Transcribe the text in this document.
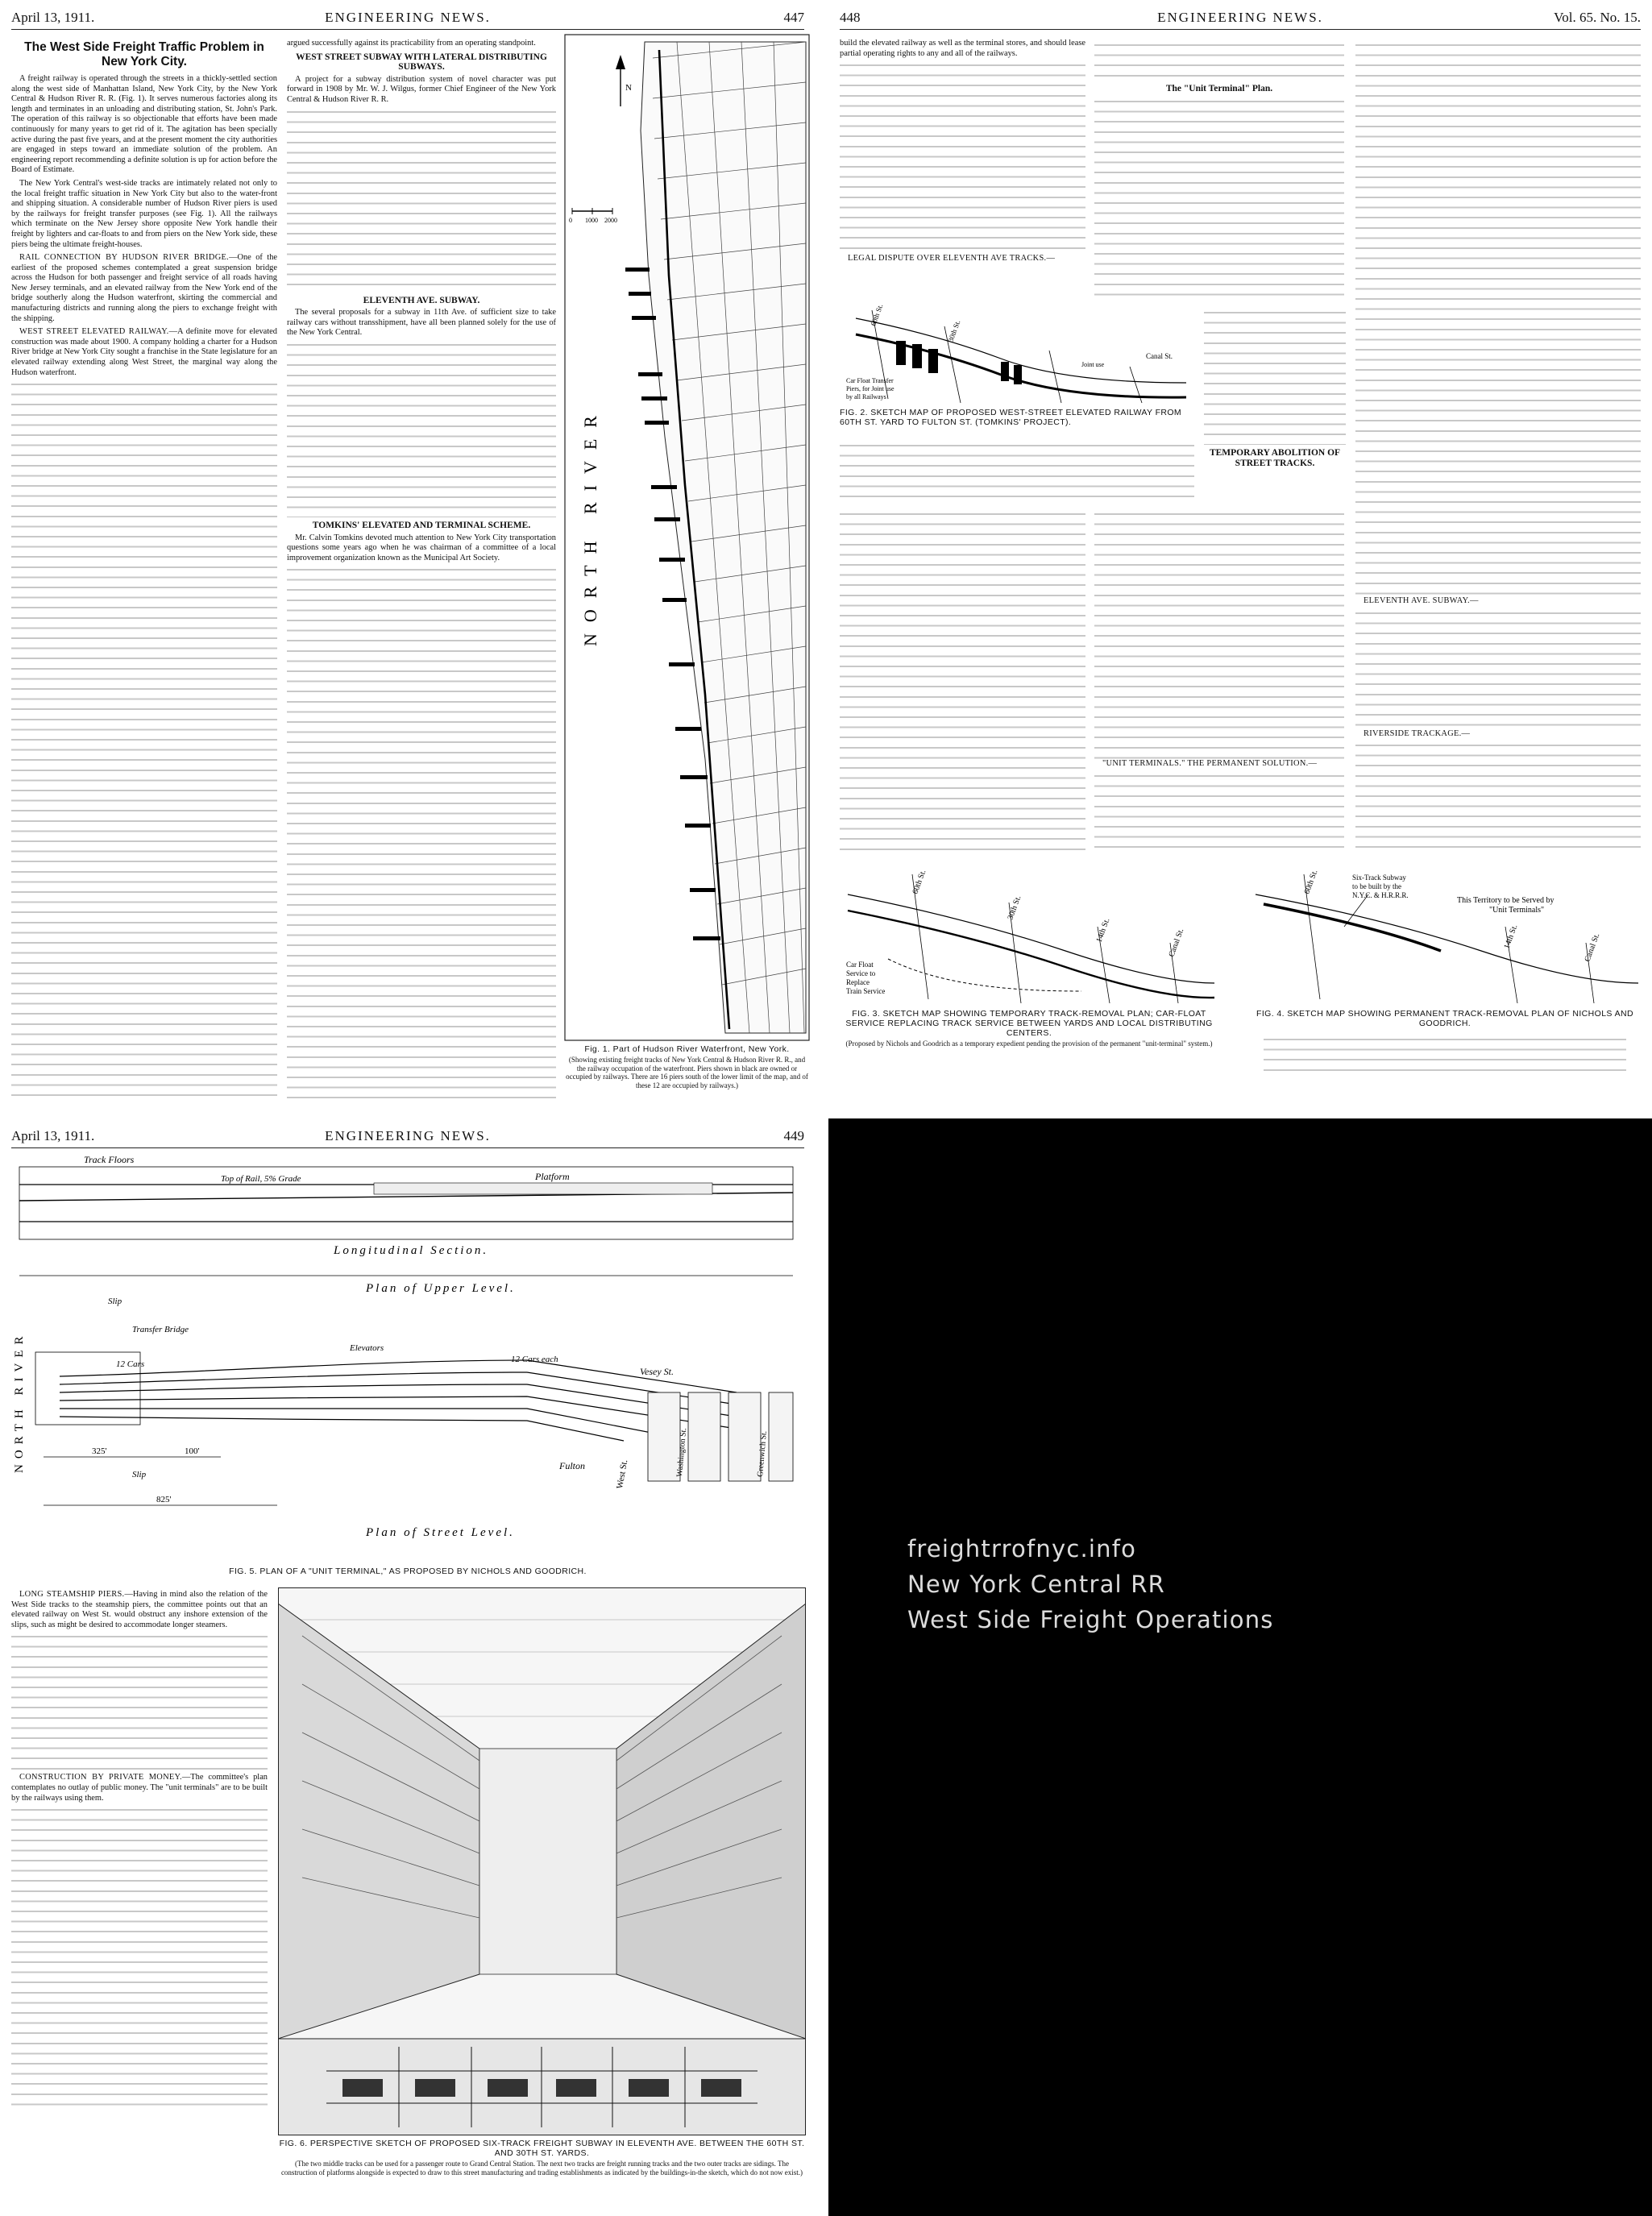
April 13, 1911.	ENGINEERING NEWS.	447
The West Side Freight Traffic Problem in New York City.

A freight railway is operated through the streets in a thickly-settled section along the west side of Manhattan Island, New York City, by the New York Central & Hudson River R. R. (Fig. 1). It serves numerous factories along its length and terminates in an unloading and distributing station, St. John's Park. The operation of this railway is so objectionable that efforts have been made continuously for many years to get rid of it. The agitation has been specially active during the past five years, and at the present moment the city authorities are engaged in steps toward an immediate solution of the problem. An engineering report recommending a definite solution is up for action before the Board of Estimate.

The New York Central's west-side tracks are intimately related not only to the local freight traffic situation in New York City but also to the water-front and shipping situation. A considerable number of Hudson River piers is used by the railways for freight transfer purposes (see Fig. 1). All the railways which terminate on the New Jersey shore opposite New York handle their freight by lighters and car-floats to and from piers on the New York side, these piers being the ultimate freight-houses.

RAIL CONNECTION BY HUDSON RIVER BRIDGE.—One of the earliest of the proposed schemes contemplated a great suspension bridge across the Hudson for both passenger and freight service of all roads having New Jersey terminals, and an elevated railway from the New York end of the bridge southerly along the Hudson waterfront, skirting the commercial and manufacturing districts and running along the piers to exchange freight with the shipping.

WEST STREET ELEVATED RAILWAY.—A definite move for elevated construction was made about 1900. A company holding a charter for a Hudson River bridge at New York City sought a franchise in the State legislature for an elevated railway extending along West Street, the marginal way along the Hudson waterfront.

argued successfully against its practicability from an operating standpoint.

WEST STREET SUBWAY WITH LATERAL DISTRIBUTING SUBWAYS.

A project for a subway distribution system of novel character was put forward in 1908 by Mr. W. J. Wilgus, former Chief Engineer of the New York Central & Hudson River R. R.

ELEVENTH AVE. SUBWAY.

The several proposals for a subway in 11th Ave. of sufficient size to take railway cars without transshipment, have all been planned solely for the use of the New York Central.

TOMKINS' ELEVATED AND TERMINAL SCHEME.

Mr. Calvin Tomkins devoted much attention to New York City transportation questions some years ago when he was chairman of a committee of a local improvement organization known as the Municipal Art Society.

N
0 1000 2000
NORTH RIVER
Fig. 1. Part of Hudson River Waterfront, New York.
(Showing existing freight tracks of New York Central & Hudson River R. R., and the railway occupation of the waterfront. Piers shown in black are owned or occupied by railways. There are 16 piers south of the lower limit of the map, and of these 12 are occupied by railways.)
448	ENGINEERING NEWS.	Vol. 65. No. 15.

build the elevated railway as well as the terminal stores, and should lease partial operating rights to any and all of the railways.

LEGAL DISPUTE OVER ELEVENTH AVE TRACKS.—

The "Unit Terminal" Plan.

ELEVENTH AVE. SUBWAY.—

RIVERSIDE TRACKAGE.—

60th St.
30th St.
Car Float Transfer
Piers, for Joint use
by all Railways
Joint use
Canal St.
FIG. 2. SKETCH MAP OF PROPOSED WEST-STREET ELEVATED RAILWAY FROM 60TH ST. YARD TO FULTON ST. (TOMKINS' PROJECT).
TEMPORARY ABOLITION OF STREET TRACKS.

"UNIT TERMINALS." THE PERMANENT SOLUTION.—

60th St.
30th St.
14th St.	Canal St.
Car Float
Service to
Replace
Train Service
FIG. 3. SKETCH MAP SHOWING TEMPORARY TRACK-REMOVAL PLAN; CAR-FLOAT SERVICE REPLACING TRACK SERVICE BETWEEN YARDS AND LOCAL DISTRIBUTING CENTERS.
(Proposed by Nichols and Goodrich as a temporary expedient pending the provision of the permanent "unit-terminal" system.)
60th St.	Six-Track Subway
to be built by the
N.Y.C. & H.R.R.R.
This Territory to be Served by
"Unit Terminals"
14th St.	Canal St.
FIG. 4. SKETCH MAP SHOWING PERMANENT TRACK-REMOVAL PLAN OF NICHOLS AND GOODRICH.
April 13, 1911.	ENGINEERING NEWS.	449
Track Floors
Top of Rail, 5% Grade	Platform
Longitudinal Section.
Plan of Upper Level.
Slip
Transfer Bridge
12 Cars
Elevators
12 Cars each
Vesey St.
West St.	Washington St.	Greenwich St.
Fulton
325'	100'
825'
Slip
Plan of Street Level.
NORTH RIVER
FIG. 5. PLAN OF A "UNIT TERMINAL," AS PROPOSED BY NICHOLS AND GOODRICH.

LONG STEAMSHIP PIERS.—Having in mind also the relation of the West Side tracks to the steamship piers, the committee points out that an elevated railway on West St. would obstruct any inshore extension of the slips, such as might be desired to accommodate longer steamers.

CONSTRUCTION BY PRIVATE MONEY.—The committee's plan contemplates no outlay of public money. The "unit terminals" are to be built by the railways using them.

FIG. 6. PERSPECTIVE SKETCH OF PROPOSED SIX-TRACK FREIGHT SUBWAY IN ELEVENTH AVE. BETWEEN THE 60TH ST. AND 30TH ST. YARDS.
(The two middle tracks can be used for a passenger route to Grand Central Station. The next two tracks are freight running tracks and the two outer tracks are sidings. The construction of platforms alongside is expected to draw to this street manufacturing and trading establishments as indicated by the buildings-in-the sketch, which do not now exist.)
freightrrofnyc.info
New York Central RR
West Side Freight Operations
